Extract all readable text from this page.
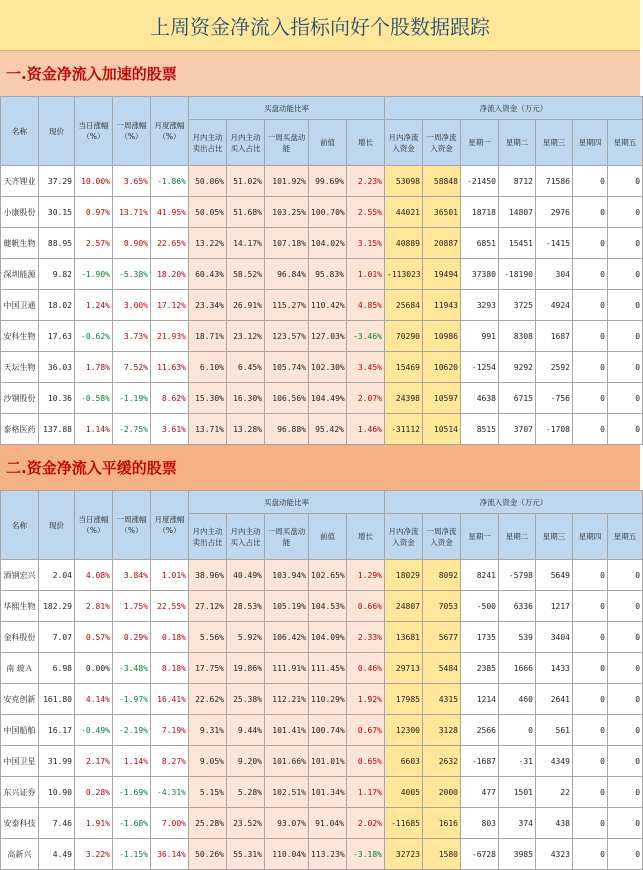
上周资金净流入指标向好个股数据跟踪
一.资金净流入加速的股票
名称	现价	当日涨幅（%）	一周涨幅（%）	月度涨幅（%）	买盘动能比率					净流入资金（万元）						
					月内主动卖出占比	月内主动买入占比	一周买盘动能	前值	增长	月内净流入资金	一周净流入资金	星期一	星期二	星期三	星期四	星期五
天齐锂业	37.29	10.00%	3.65%	-1.86%	50.06%	51.02%	101.92%	99.69%	2.23%	53098	58848	-21450	8712	71586	0	0
小康股份	30.15	0.97%	13.71%	41.95%	50.05%	51.68%	103.25%	100.70%	2.55%	44021	36501	18718	14807	2976	0	0
健帆生物	88.95	2.57%	0.90%	22.65%	13.22%	14.17%	107.18%	104.02%	3.15%	40889	20887	6851	15451	-1415	0	0
深圳能源	9.82	-1.90%	-5.38%	18.20%	60.43%	58.52%	96.84%	95.83%	1.01%	-113023	19494	37380	-18190	304	0	0
中国卫通	18.02	1.24%	3.00%	17.12%	23.34%	26.91%	115.27%	110.42%	4.85%	25684	11943	3293	3725	4924	0	0
安科生物	17.63	-0.62%	3.73%	21.93%	18.71%	23.12%	123.57%	127.03%	-3.46%	70290	10986	991	8308	1687	0	0
天坛生物	36.03	1.78%	7.52%	11.63%	6.10%	6.45%	105.74%	102.30%	3.45%	15469	10620	-1254	9292	2592	0	0
沙钢股份	10.36	-0.58%	-1.19%	8.62%	15.30%	16.30%	106.56%	104.49%	2.07%	24398	10597	4638	6715	-756	0	0
泰格医药	137.88	1.14%	-2.75%	3.61%	13.71%	13.28%	96.88%	95.42%	1.46%	-31112	10514	8515	3707	-1708	0	0
二.资金净流入平缓的股票
名称	现价	当日涨幅（%）	一周涨幅（%）	月度涨幅（%）	买盘动能比率					净流入资金（万元）						
					月内主动卖出占比	月内主动买入占比	一周买盘动能	前值	增长	月内净流入资金	一周净流入资金	星期一	星期二	星期三	星期四	星期五
酒钢宏兴	2.04	4.08%	3.84%	1.01%	38.96%	40.49%	103.94%	102.65%	1.29%	18029	8092	8241	-5798	5649	0	0
华熙生物	182.29	2.81%	1.75%	22.55%	27.12%	28.53%	105.19%	104.53%	0.66%	24807	7053	-500	6336	1217	0	0
金科股份	7.07	0.57%	0.29%	0.18%	5.56%	5.92%	106.42%	104.09%	2.33%	13681	5677	1735	539	3404	0	0
南 玻Ａ	6.98	0.00%	-3.48%	8.18%	17.75%	19.86%	111.91%	111.45%	0.46%	29713	5484	2385	1666	1433	0	0
安克创新	161.80	4.14%	-1.97%	16.41%	22.62%	25.38%	112.21%	110.29%	1.92%	17985	4315	1214	460	2641	0	0
中国船舶	16.17	-0.49%	-2.19%	7.19%	9.31%	9.44%	101.41%	100.74%	0.67%	12300	3128	2566	0	561	0	0
中国卫星	31.99	2.17%	1.14%	8.27%	9.05%	9.20%	101.66%	101.01%	0.65%	6603	2632	-1687	-31	4349	0	0
东兴证券	10.90	0.28%	-1.69%	-4.31%	5.15%	5.28%	102.51%	101.34%	1.17%	4005	2000	477	1501	22	0	0
安泰科技	7.46	1.91%	-1.68%	7.00%	25.28%	23.52%	93.07%	91.04%	2.02%	-11685	1616	803	374	438	0	0
高新兴	4.49	3.22%	-1.15%	36.14%	50.26%	55.31%	110.04%	113.23%	-3.18%	32723	1580	-6728	3985	4323	0	0
